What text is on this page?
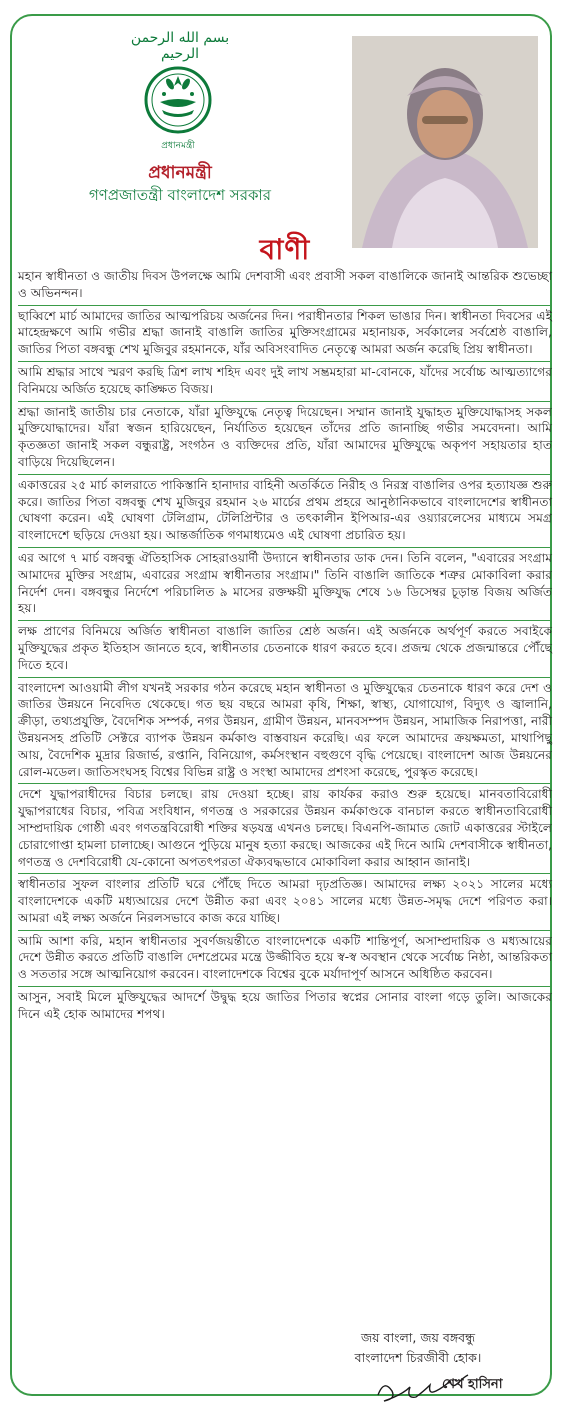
بسم الله الرحمن الرحيم
প্রধানমন্ত্রী
প্রধানমন্ত্রী
গণপ্রজাতন্ত্রী বাংলাদেশ সরকার
বাণী

মহান স্বাধীনতা ও জাতীয় দিবস উপলক্ষে আমি দেশবাসী এবং প্রবাসী সকল বাঙালিকে জানাই আন্তরিক শুভেচ্ছা ও অভিনন্দন।

ছাব্বিশে মার্চ আমাদের জাতির আত্মপরিচয় অর্জনের দিন। পরাধীনতার শিকল ভাঙার দিন। স্বাধীনতা দিবসের এই মাহেন্দ্রক্ষণে আমি গভীর শ্রদ্ধা জানাই বাঙালি জাতির মুক্তিসংগ্রামের মহানায়ক, সর্বকালের সর্বশ্রেষ্ঠ বাঙালি, জাতির পিতা বঙ্গবন্ধু শেখ মুজিবুর রহমানকে, যাঁর অবিসংবাদিত নেতৃত্বে আমরা অর্জন করেছি প্রিয় স্বাধীনতা।

আমি শ্রদ্ধার সাথে স্মরণ করছি ত্রিশ লাখ শহিদ এবং দুই লাখ সম্ভ্রমহারা মা-বোনকে, যাঁদের সর্বোচ্চ আত্মত্যাগের বিনিময়ে অর্জিত হয়েছে কাঙ্ক্ষিত বিজয়।

শ্রদ্ধা জানাই জাতীয় চার নেতাকে, যাঁরা মুক্তিযুদ্ধে নেতৃত্ব দিয়েছেন। সম্মান জানাই যুদ্ধাহত মুক্তিযোদ্ধাসহ সকল মুক্তিযোদ্ধাদের। যাঁরা স্বজন হারিয়েছেন, নির্যাতিত হয়েছেন তাঁদের প্রতি জানাচ্ছি গভীর সমবেদনা। আমি কৃতজ্ঞতা জানাই সকল বন্ধুরাষ্ট্র, সংগঠন ও ব্যক্তিদের প্রতি, যাঁরা আমাদের মুক্তিযুদ্ধে অকৃপণ সহায়তার হাত বাড়িয়ে দিয়েছিলেন।

একাত্তরের ২৫ মার্চ কালরাতে পাকিস্তানি হানাদার বাহিনী অতর্কিতে নিরীহ ও নিরস্ত্র বাঙালির ওপর হত্যাযজ্ঞ শুরু করে। জাতির পিতা বঙ্গবন্ধু শেখ মুজিবুর রহমান ২৬ মার্চের প্রথম প্রহরে আনুষ্ঠানিকভাবে বাংলাদেশের স্বাধীনতা ঘোষণা করেন। এই ঘোষণা টেলিগ্রাম, টেলিপ্রিন্টার ও তৎকালীন ইপিআর-এর ওয়্যারলেসের মাধ্যমে সমগ্র বাংলাদেশে ছড়িয়ে দেওয়া হয়। আন্তর্জাতিক গণমাধ্যমেও এই ঘোষণা প্রচারিত হয়।

এর আগে ৭ মার্চ বঙ্গবন্ধু ঐতিহাসিক সোহরাওয়ার্দী উদ্যানে স্বাধীনতার ডাক দেন। তিনি বলেন, "এবারের সংগ্রাম আমাদের মুক্তির সংগ্রাম, এবারের সংগ্রাম স্বাধীনতার সংগ্রাম।" তিনি বাঙালি জাতিকে শত্রুর মোকাবিলা করার নির্দেশ দেন। বঙ্গবন্ধুর নির্দেশে পরিচালিত ৯ মাসের রক্তক্ষয়ী মুক্তিযুদ্ধ শেষে ১৬ ডিসেম্বর চূড়ান্ত বিজয় অর্জিত হয়।

লক্ষ প্রাণের বিনিময়ে অর্জিত স্বাধীনতা বাঙালি জাতির শ্রেষ্ঠ অর্জন। এই অর্জনকে অর্থপূর্ণ করতে সবাইকে মুক্তিযুদ্ধের প্রকৃত ইতিহাস জানতে হবে, স্বাধীনতার চেতনাকে ধারণ করতে হবে। প্রজন্ম থেকে প্রজন্মান্তরে পৌঁছে দিতে হবে।

বাংলাদেশ আওয়ামী লীগ যখনই সরকার গঠন করেছে মহান স্বাধীনতা ও মুক্তিযুদ্ধের চেতনাকে ধারণ করে দেশ ও জাতির উন্নয়নে নিবেদিত থেকেছে। গত ছয় বছরে আমরা কৃষি, শিক্ষা, স্বাস্থ্য, যোগাযোগ, বিদ্যুৎ ও জ্বালানি, ক্রীড়া, তথ্যপ্রযুক্তি, বৈদেশিক সম্পর্ক, নগর উন্নয়ন, গ্রামীণ উন্নয়ন, মানবসম্পদ উন্নয়ন, সামাজিক নিরাপত্তা, নারী উন্নয়নসহ প্রতিটি সেক্টরে ব্যাপক উন্নয়ন কর্মকাণ্ড বাস্তবায়ন করেছি। এর ফলে আমাদের ক্রয়ক্ষমতা, মাথাপিছু আয়, বৈদেশিক মুদ্রার রিজার্ভ, রপ্তানি, বিনিয়োগ, কর্মসংস্থান বহুগুণে বৃদ্ধি পেয়েছে। বাংলাদেশ আজ উন্নয়নের রোল-মডেল। জাতিসংঘসহ বিশ্বের বিভিন্ন রাষ্ট্র ও সংস্থা আমাদের প্রশংসা করেছে, পুরস্কৃত করেছে।

দেশে যুদ্ধাপরাধীদের বিচার চলছে। রায় দেওয়া হচ্ছে। রায় কার্যকর করাও শুরু হয়েছে। মানবতাবিরোধী যুদ্ধাপরাধের বিচার, পবিত্র সংবিধান, গণতন্ত্র ও সরকারের উন্নয়ন কর্মকাণ্ডকে বানচাল করতে স্বাধীনতাবিরোধী সাম্প্রদায়িক গোষ্ঠী এবং গণতন্ত্রবিরোধী শক্তির ষড়যন্ত্র এখনও চলছে। বিএনপি-জামাত জোট একাত্তরের স্টাইলে চোরাগোপ্তা হামলা চালাচ্ছে। আগুনে পুড়িয়ে মানুষ হত্যা করছে। আজকের এই দিনে আমি দেশবাসীকে স্বাধীনতা, গণতন্ত্র ও দেশবিরোধী যে-কোনো অপতৎপরতা ঐক্যবদ্ধভাবে মোকাবিলা করার আহ্বান জানাই।

স্বাধীনতার সুফল বাংলার প্রতিটি ঘরে পৌঁছে দিতে আমরা দৃঢ়প্রতিজ্ঞ। আমাদের লক্ষ্য ২০২১ সালের মধ্যে বাংলাদেশকে একটি মধ্যআয়ের দেশে উন্নীত করা এবং ২০৪১ সালের মধ্যে উন্নত-সমৃদ্ধ দেশে পরিণত করা। আমরা এই লক্ষ্য অর্জনে নিরলসভাবে কাজ করে যাচ্ছি।

আমি আশা করি, মহান স্বাধীনতার সুবর্ণজয়ন্তীতে বাংলাদেশকে একটি শান্তিপূর্ণ, অসাম্প্রদায়িক ও মধ্যআয়ের দেশে উন্নীত করতে প্রতিটি বাঙালি দেশপ্রেমের মন্ত্রে উজ্জীবিত হয়ে স্ব-স্ব অবস্থান থেকে সর্বোচ্চ নিষ্ঠা, আন্তরিকতা ও সততার সঙ্গে আত্মনিয়োগ করবেন। বাংলাদেশকে বিশ্বের বুকে মর্যাদাপূর্ণ আসনে অধিষ্ঠিত করবেন।

আসুন, সবাই মিলে মুক্তিযুদ্ধের আদর্শে উদ্বুদ্ধ হয়ে জাতির পিতার স্বপ্নের সোনার বাংলা গড়ে তুলি। আজকের দিনে এই হোক আমাদের শপথ।

জয় বাংলা, জয় বঙ্গবন্ধু
বাংলাদেশ চিরজীবী হোক।
শেখ হাসিনা
